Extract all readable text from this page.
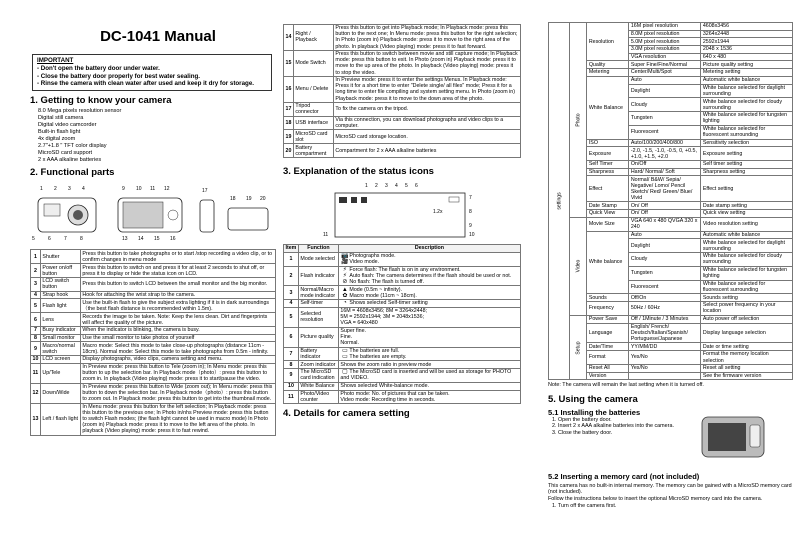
DC-1041 Manual
IMPORTANT
- Don't open the battery door under water.
- Close the battery door properly for best water sealing.
- Rinse the camera with clean water after used and keep it dry for storage.
1. Getting to know your camera
8.0 Mega pixels resolution sensor
Digital still camera
Digital video camcorder
Built-in flash light
4x digital zoom
2.7"+1.8 " TFT color display
MicroSD card support
2 x AAA alkaline batteries
2. Functional parts
1 2 3 4
5	6	7	8
9 10 11 12
13 14 15 16
17
18 19 20
1	Shutter	Press this button to take photographs or to start /stop recording a video clip, or to confirm changes in menu mode
2	Power on/off button	Press this button to switch on and press it for at least 2 seconds to shut off, or press it to display or hide the status icon on LCD.
3	LCD switch button	Press this button to switch LCD between the small monitor and the big monitor.
4	Strap hook	Hook for attaching the wrist strap to the camera.
5	Flash light	Use the built-in flash to give the subject extra lighting if it is in dark surroundings（the best flash distance is recommended within 1.5m).
6	Lens	Records the image to be taken. Note: Keep the lens clean. Dirt and fingerprints will affect the quality of the picture.
7	Busy indicator	When the indicator is blinking, the camera is busy.
8	Small monitor	Use the small monitor to take photos of yourself
9	Macro/normal switch	Macro mode: Select this mode to take close-up photographs (distance 11cm - 18cm). Normal mode: Select this mode to take photographs from 0.5m - infinity.
10	LCD screen	Display photographs, video clips, camera setting and menu.
11	Up/Tele	In Preview mode: press this button to Tele (zoom in); In Menu mode: press this button to up the selection bar. In Playback mode（photo）: press this button to zoom in. In playback (Video playing) mode: press it to start/pause the video.
12	Down/Wide	In Preview mode: press this button to Wide (zoom out); In Menu mode: press this button to down the selection bar. In Playback mode（photo）: press this button to zoom out. In Playback mode: press this button to get into the thumbnail mode.
13	Left / flash light	In Menu mode: press this button for the left selection; In Playback mode: press this button to the previous one; In Photo in/nhs Preview mode: press this button to switch Flash modes; (the flash light cannot be used in macro mode) In Photo (zoom in) Playback mode: press it to move to the left area of the photo. In playback (Video playing) mode: press it to fast rewind.
14	Right / Playback	Press this button to get into Playback mode; In Playback mode: press this button to the next one; In Menu mode: press this button for the right selection; In Photo (zoom in) Playback mode: press it to move to the right area of the photo. In playback (Video playing) mode: press it to fast forward.
15	Mode Switch	Press this button to switch between movie and still capture mode; In Playback mode: press this button to exit. In Photo (zoom in) Playback mode: press it to move to the up area of the photo. In playback (Video playing) mode: press it to stop the video.
16	Menu / Delete	In Preview mode: press it to enter the settings Menus. In Playback mode: Press it for a short time to enter "Delete single/ all files" mode; Press it for a long time to enter file compiling and system setting menu. In Photo (zoom in) Playback mode: press it to move to the down area of the photo.
17	Tripod connector	To fix the camera on the tripod.
18	USB interface	Via this connection, you can download photographs and video clips to a computer.
19	MicroSD card slot	MicroSD card storage location.
20	Battery compartment	Compartment for 2 x AAA alkaline batteries
3. Explanation of the status icons
1.2x
1 2 3 4 5 6
7
8
9
10
11
Item	Function	Description
1	Mode selected	📷Photographs mode.
🎥Video mode.

2	Flash indicator	⚡ Force flash: The flash is on in any environment.
⚡ Auto flash: The camera determines if the flash should be used or not.
⊘ No flash: The flash is turned off.

3	Normal/Macro mode indicator	▲ Mode (0.5m ~ infinity).
✿ Macro mode (11cm ~ 18cm).

4	Self-timer	◔ Shows selected Self-timer setting

5	Selected resolution	16M = 4608x3456; 8M = 3264x2448;
5M = 2592x1944; 3M = 2048x1536;
VGA = 640x480

6	Picture quality	Super fine.
Fine.
Normal.

7	Battery indicator	▭ The batteries are full.
▭ The batteries are empty.

8	Zoom indicator	Shows the zoom ratio in preview mode

9	The MicroSD card indication	▢ The MicroSD card is inserted and will be used as storage for PHOTO and VIDEO.

10	White Balance	Shows selected White-balance mode.

11	Photo/Video counter	Photo mode: No. of pictures that can be taken.
Video mode: Recording time in seconds.
4. Details for camera setting
settings	Photo	Resolution	16M pixel resolution	4608x3456
			8.0M pixel resolution	3264x2448
			5.0M pixel resolution	2592x1944
			3.0M pixel resolution	2048 x 1536
			VGA resolution	640 x 480
		Quality	Super Fine/Fine/Normal	Picture quality setting
		Metering	Center/Multi/Spot	Metering setting
		White Balance	Auto	Automatic white balance
			Daylight	White balance selected for daylight surrounding
			Cloudy	White balance selected for cloudy surrounding
			Tungsten	White balance selected for tungsten lighting
			Fluorescent	White balance selected for fluorescent surrounding
		ISO	Auto/100/200/400/800	Sensitivity selection
		Exposure	-2.0, -1.5, -1.0, -0.5, 0, +0.5, +1.0, +1.5, +2.0	Exposure setting
		Self Timer	On/Off	Self timer setting
		Sharpness	Hard/ Normal/ Soft	Sharpness setting
		Effect	Normal/ B&W/ Sepia/ Negative/ Lomo/ Pencil Sketch/ Red/ Green/ Blue/ Vivid	Effect setting
		Date Stamp	On/ Off	Date stamp setting
		Quick View	On/ Off	Quick view setting
	Video	Movie Size	VGA 640 x 480 QVGA 320 x 240	Video resolution setting
		White balance	Auto	Automatic white balance
			Daylight	White balance selected for daylight surrounding
			Cloudy	White balance selected for cloudy surrounding
			Tungsten	White balance selected for tungsten lighting
			Fluorescent	White balance selected for fluorescent surrounding
		Sounds	Off/On	Sounds setting
		Frequency	50Hz / 60Hz	Select power frequency in your location
	Setup	Power Save	Off / 1Minute / 3 Minutes	Auto power off selection
		Language	English/ French/ Deutsch/Italian/Spanish/ Portuguese/Japanese	Display language selection
		Date/Time	YY/MM/DD	Date or time setting
		Format	Yes/No	Format the memory location selection
		Reset All	Yes/No	Reset all setting
		Version		See the firmware version
Note: The camera will remain the last setting when it is turned off.
5. Using the camera
5.1 Installing the batteries
1. Open the battery door.
2. Insert 2 x AAA alkaline batteries into the camera.
3. Close the battery door.
5.2 Inserting a memory card (not included)
This camera has no built-in internal memory. The memory can be gained with a MicroSD memory card (not included).
Follow the instructions below to insert the optional MicroSD memory card into the camera.
1. Turn off the camera first.
